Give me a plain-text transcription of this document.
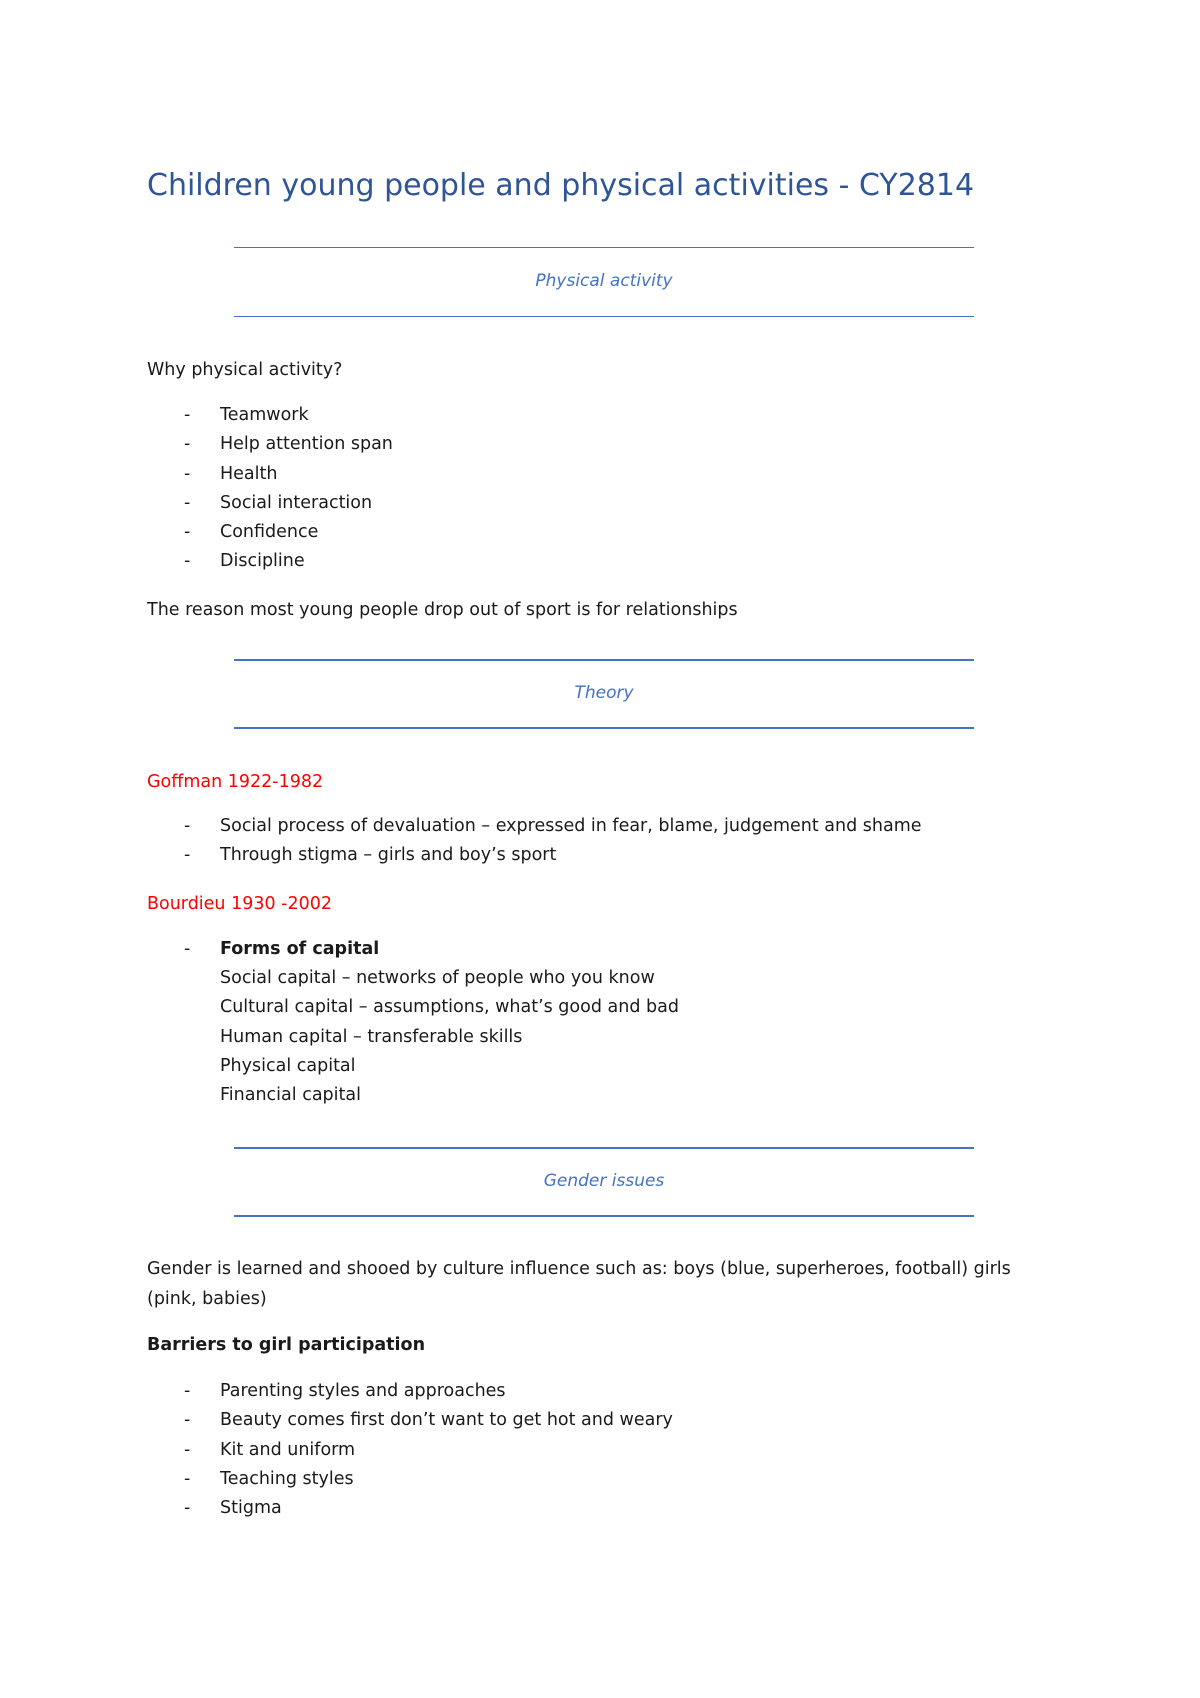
Children young people and physical activities - CY2814
Physical activity
Why physical activity?
- Teamwork
- Help attention span
- Health
- Social interaction
- Confidence
- Discipline
The reason most young people drop out of sport is for relationships
Theory
Goffman 1922-1982
- Social process of devaluation – expressed in fear, blame, judgement and shame
- Through stigma – girls and boy’s sport
Bourdieu 1930 -2002
- Forms of capital
Social capital – networks of people who you know
Cultural capital – assumptions, what’s good and bad
Human capital – transferable skills
Physical capital
Financial capital
Gender issues
Gender is learned and shooed by culture influence such as: boys (blue, superheroes, football) girls
(pink, babies)
Barriers to girl participation
- Parenting styles and approaches
- Beauty comes first don’t want to get hot and weary
- Kit and uniform
- Teaching styles
- Stigma
